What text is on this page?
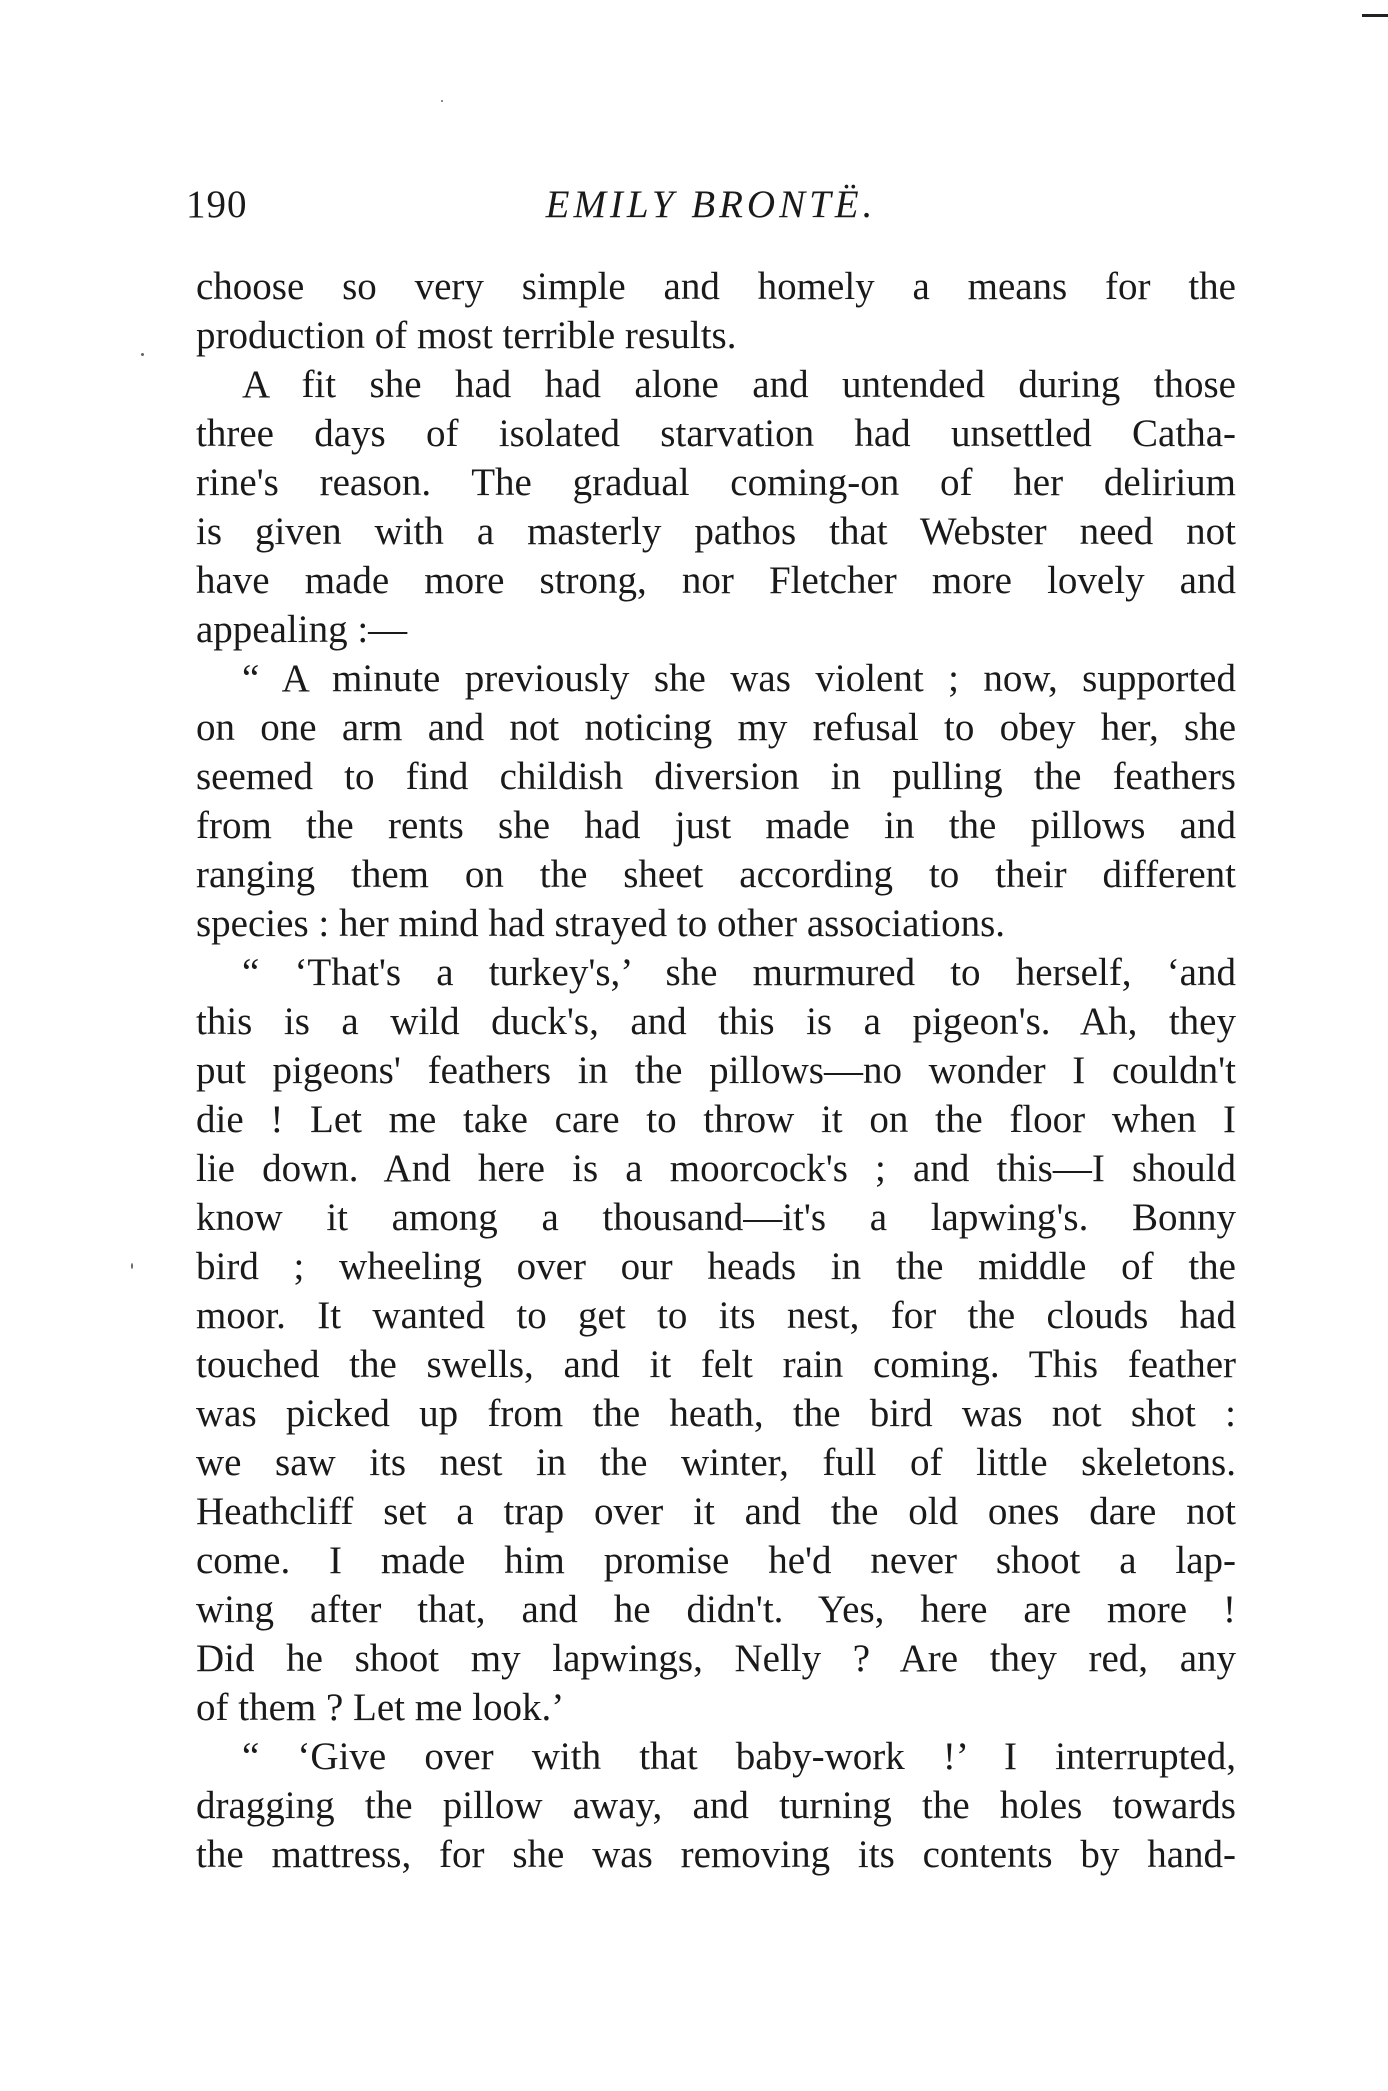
190	EMILY BRONTË.
choose so very simple and homely a means for the
production of most terrible results.
A fit she had had alone and untended during those
three days of isolated starvation had unsettled Catha-
rine's reason. The gradual coming-on of her delirium
is given with a masterly pathos that Webster need not
have made more strong, nor Fletcher more lovely and
appealing :—
“ A minute previously she was violent ; now, supported
on one arm and not noticing my refusal to obey her, she
seemed to find childish diversion in pulling the feathers
from the rents she had just made in the pillows and
ranging them on the sheet according to their different
species : her mind had strayed to other associations.
“ ‘That's a turkey's,’ she murmured to herself, ‘and
this is a wild duck's, and this is a pigeon's. Ah, they
put pigeons' feathers in the pillows—no wonder I couldn't
die ! Let me take care to throw it on the floor when I
lie down. And here is a moorcock's ; and this—I should
know it among a thousand—it's a lapwing's. Bonny
bird ; wheeling over our heads in the middle of the
moor. It wanted to get to its nest, for the clouds had
touched the swells, and it felt rain coming. This feather
was picked up from the heath, the bird was not shot :
we saw its nest in the winter, full of little skeletons.
Heathcliff set a trap over it and the old ones dare not
come. I made him promise he'd never shoot a lap-
wing after that, and he didn't. Yes, here are more !
Did he shoot my lapwings, Nelly ? Are they red, any
of them ? Let me look.’
“ ‘Give over with that baby-work !’ I interrupted,
dragging the pillow away, and turning the holes towards
the mattress, for she was removing its contents by hand-
